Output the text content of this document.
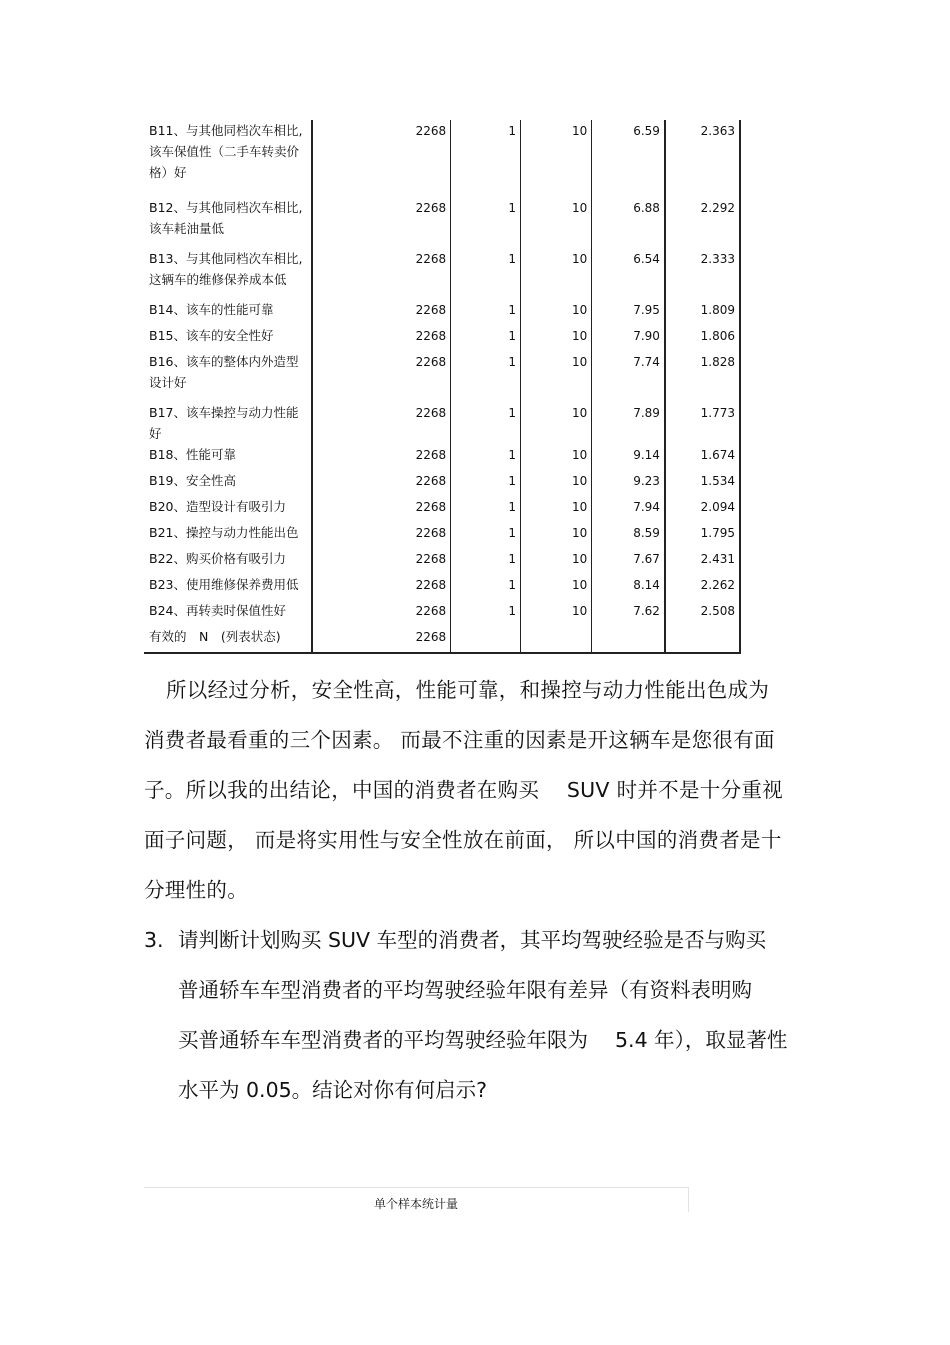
B11、与其他同档次车相比,该车保值性（二手车转卖价格）好	2268	1	10	6.59	2.363
B12、与其他同档次车相比,该车耗油量低	2268	1	10	6.88	2.292
B13、与其他同档次车相比,这辆车的维修保养成本低	2268	1	10	6.54	2.333
B14、该车的性能可靠	2268	1	10	7.95	1.809
B15、该车的安全性好	2268	1	10	7.90	1.806
B16、该车的整体内外造型设计好	2268	1	10	7.74	1.828
B17、该车操控与动力性能好	2268	1	10	7.89	1.773
B18、性能可靠	2268	1	10	9.14	1.674
B19、安全性高	2268	1	10	9.23	1.534
B20、造型设计有吸引力	2268	1	10	7.94	2.094
B21、操控与动力性能出色	2268	1	10	8.59	1.795
B22、购买价格有吸引力	2268	1	10	7.67	2.431
B23、使用维修保养费用低	2268	1	10	8.14	2.262
B24、再转卖时保值性好	2268	1	10	7.62	2.508
有效的　N　(列表状态)	2268				
所以经过分析，安全性高，性能可靠，和操控与动力性能出色成为
消费者最看重的三个因素。 而最不注重的因素是开这辆车是您很有面
子。所以我的出结论，中国的消费者在购买　 SUV 时并不是十分重视
面子问题， 而是将实用性与安全性放在前面， 所以中国的消费者是十
分理性的。
3. 请判断计划购买 SUV 车型的消费者，其平均驾驶经验是否与购买
普通轿车车型消费者的平均驾驶经验年限有差异（有资料表明购
买普通轿车车型消费者的平均驾驶经验年限为　 5.4 年），取显著性
水平为 0.05。结论对你有何启示?
单个样本统计量
